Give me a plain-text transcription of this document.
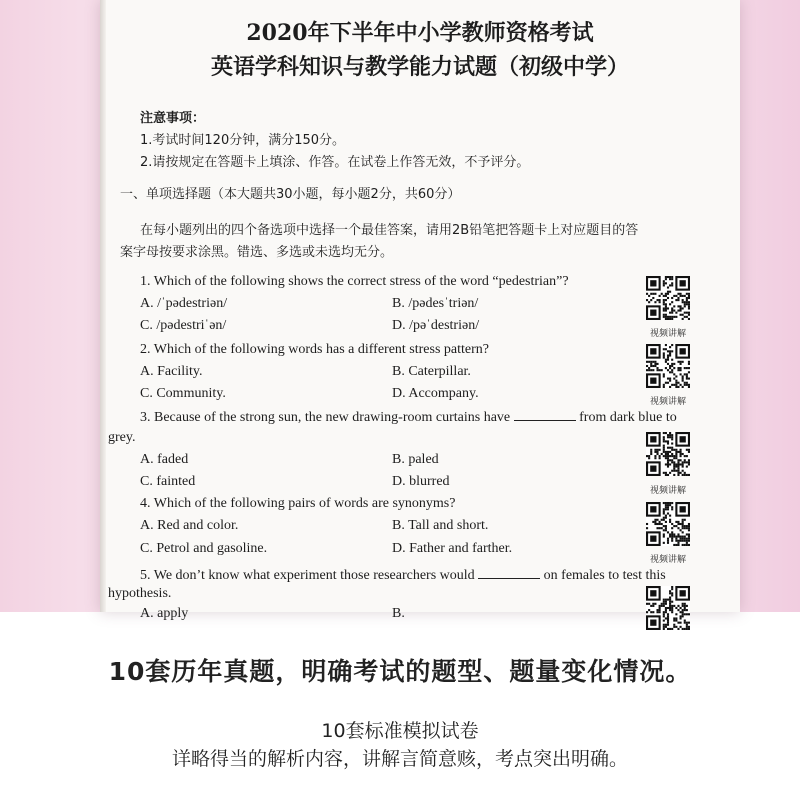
2020年下半年中小学教师资格考试
英语学科知识与教学能力试题（初级中学）
注意事项：
1.考试时间120分钟，满分150分。
2.请按规定在答题卡上填涂、作答。在试卷上作答无效，不予评分。
一、单项选择题（本大题共30小题，每小题2分，共60分）
在每小题列出的四个备选项中选择一个最佳答案，请用2B铅笔把答题卡上对应题目的答
案字母按要求涂黑。错选、多选或未选均无分。
1. Which of the following shows the correct stress of the word “pedestrian”?
A. /ˈpədestriən/	B. /pədesˈtriən/
C. /pədestriˈən/	D. /pəˈdestriən/
2. Which of the following words has a different stress pattern?
A. Facility.	B. Caterpillar.
C. Community.	D. Accompany.
3. Because of the strong sun, the new drawing-room curtains have	from dark blue to
grey.
A. faded	B. paled
C. fainted	D. blurred
4. Which of the following pairs of words are synonyms?
A. Red and color.	B. Tall and short.
C. Petrol and gasoline.	D. Father and farther.
5. We don’t know what experiment those researchers would	on females to test this
hypothesis.
A. apply	B.
视频讲解
视频讲解
视频讲解
视频讲解
10套历年真题，明确考试的题型、题量变化情况。
10套标准模拟试卷
详略得当的解析内容，讲解言简意赅，考点突出明确。
